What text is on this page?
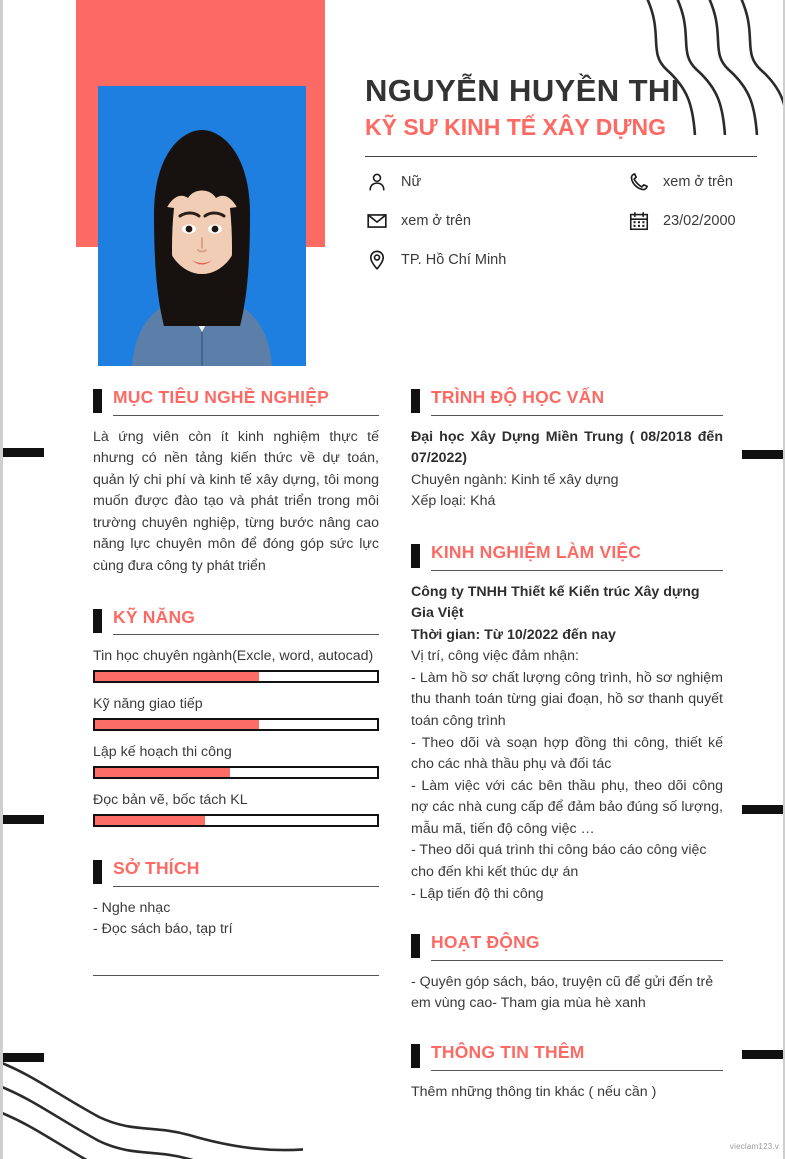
NGUYỄN HUYỀN THI
KỸ SƯ KINH TẾ XÂY DỰNG
Nữ	xem ở trên
xem ở trên	23/02/2000
TP. Hồ Chí Minh
MỤC TIÊU NGHỀ NGHIỆP
Là ứng viên còn ít kinh nghiệm thực tế nhưng có nền tảng kiến thức về dự toán, quản lý chi phí và kinh tế xây dựng, tôi mong muốn được đào tạo và phát triển trong môi trường chuyên nghiệp, từng bước nâng cao năng lực chuyên môn để đóng góp sức lực cùng đưa công ty phát triển
KỸ NĂNG
Tin học chuyên ngành(Excle, word, autocad)
Kỹ năng giao tiếp
Lập kế hoạch thi công
Đọc bản vẽ, bốc tách KL
SỞ THÍCH

- Nghe nhạc

- Đọc sách báo, tạp trí

TRÌNH ĐỘ HỌC VẤN

Đại học Xây Dựng Miền Trung ( 08/2018 đến 07/2022)

Chuyên ngành: Kinh tế xây dựng

Xếp loại: Khá

KINH NGHIỆM LÀM VIỆC

Công ty TNHH Thiết kế Kiến trúc Xây dựng Gia Việt

Thời gian: Từ 10/2022 đến nay

Vị trí, công việc đảm nhận:

- Làm hồ sơ chất lượng công trình, hồ sơ nghiệm thu thanh toán từng giai đoạn, hồ sơ thanh quyết toán công trình

- Theo dõi và soạn hợp đồng thi công, thiết kế cho các nhà thầu phụ và đối tác

- Làm việc với các bên thầu phụ, theo dõi công nợ các nhà cung cấp để đảm bảo đúng số lượng, mẫu mã, tiến độ công việc …

- Theo dõi quá trình thi công báo cáo công việc cho đến khi kết thúc dự án

- Lập tiến độ thi công

HOẠT ĐỘNG
- Quyên góp sách, báo, truyện cũ để gửi đến trẻ em vùng cao- Tham gia mùa hè xanh
THÔNG TIN THÊM
Thêm những thông tin khác ( nếu cần )
vieclam123.v
